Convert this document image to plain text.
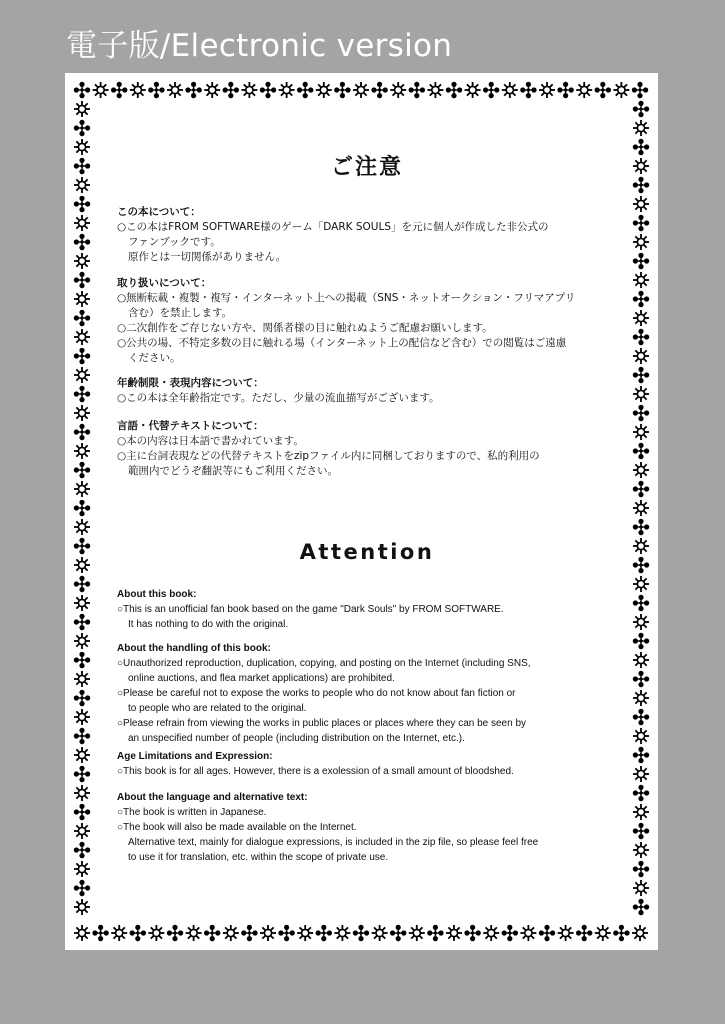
電子版/Electronic version
ご注意
この本について：
○この本はFROM SOFTWARE様のゲーム「DARK SOULS」を元に個人が作成した非公式の
ファンブックです。
原作とは一切関係がありません。
取り扱いについて：
○無断転載・複製・複写・インターネット上への掲載（SNS・ネットオークション・フリマアプリ
含む）を禁止します。
○二次創作をご存じない方や、関係者様の目に触れぬようご配慮お願いします。
○公共の場、不特定多数の目に触れる場（インターネット上の配信など含む）での閲覧はご遠慮
ください。
年齢制限・表現内容について：
○この本は全年齢指定です。ただし、少量の流血描写がございます。
言語・代替テキストについて：
○本の内容は日本語で書かれています。
○主に台詞表現などの代替テキストをzipファイル内に同梱しておりますので、私的利用の
範囲内でどうぞ翻訳等にもご利用ください。
Attention
About this book:
○This is an unofficial fan book based on the game "Dark Souls" by FROM SOFTWARE.
It has nothing to do with the original.
About the handling of this book:
○Unauthorized reproduction, duplication, copying, and posting on the Internet (including SNS,
online auctions, and flea market applications) are prohibited.
○Please be careful not to expose the works to people who do not know about fan fiction or
to people who are related to the original.
○Please refrain from viewing the works in public places or places where they can be seen by
an unspecified number of people (including distribution on the Internet, etc.).
Age Limitations and Expression:
○This book is for all ages. However, there is a exolession of a small amount of bloodshed.
About the language and alternative text:
○The book is written in Japanese.
○The book will also be made available on the Internet.
Alternative text, mainly for dialogue expressions, is included in the zip file, so please feel free
to use it for translation, etc. within the scope of private use.
